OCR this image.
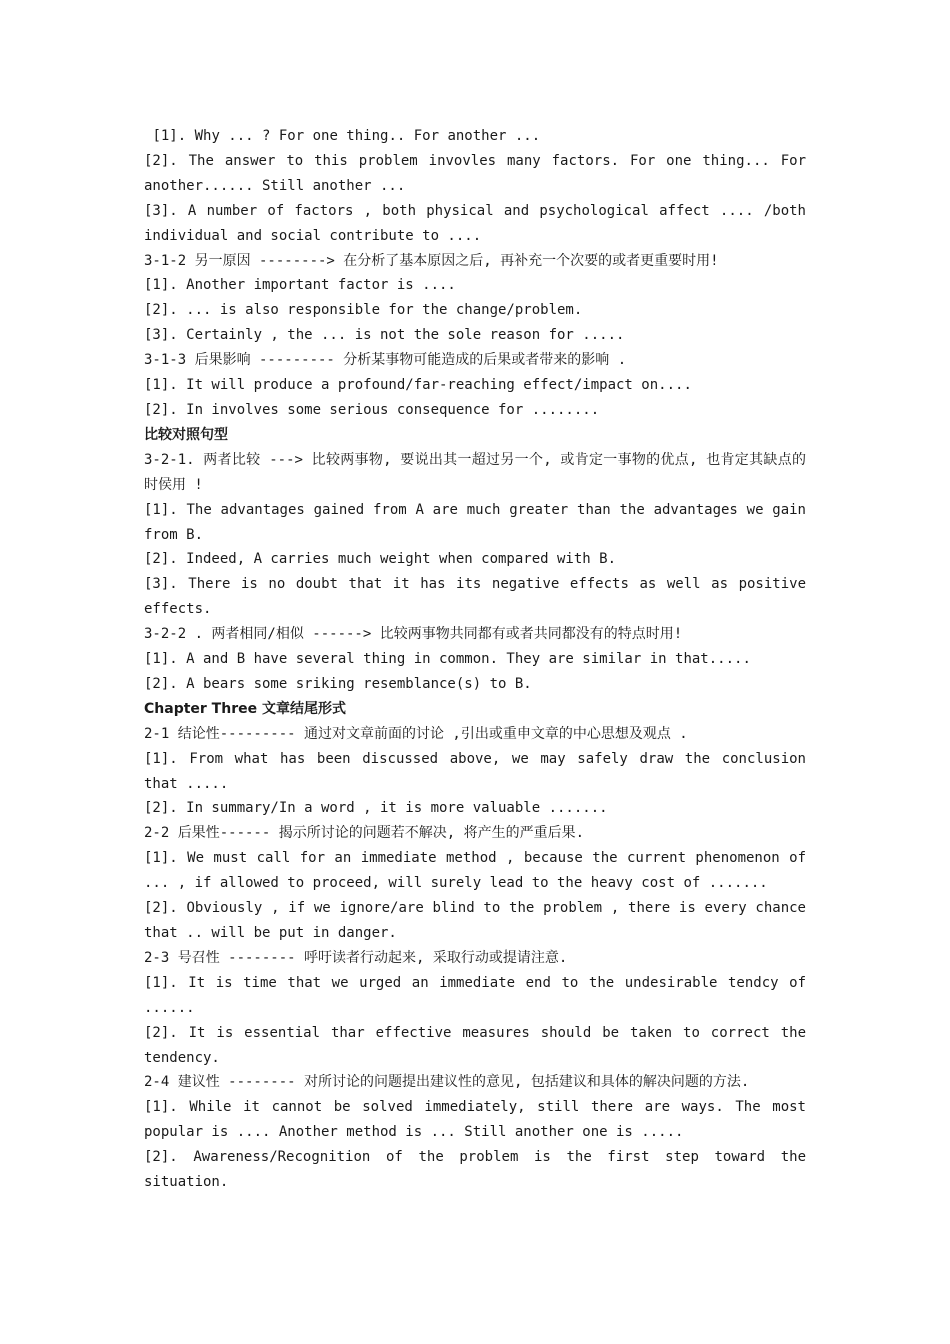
[1]. Why ... ? For one thing.. For another ...

[2]. The answer to this problem invovles many factors. For one thing... For another...... Still another ...

[3]. A number of factors , both physical and psychological affect .... /both individual and social contribute to ....

3-1-2 另一原因 --------> 在分析了基本原因之后, 再补充一个次要的或者更重要时用!

[1]. Another important factor is ....

[2]. ... is also responsible for the change/problem.

[3]. Certainly , the ... is not the sole reason for .....

3-1-3 后果影响 --------- 分析某事物可能造成的后果或者带来的影响 .

[1]. It will produce a profound/far-reaching effect/impact on....

[2]. In involves some serious consequence for ........

比较对照句型

3-2-1. 两者比较 ---> 比较两事物, 要说出其一超过另一个, 或肯定一事物的优点, 也肯定其缺点的时侯用 !

[1]. The advantages gained from A are much greater than the advantages we gain from B.

[2]. Indeed, A carries much weight when compared with B.

[3]. There is no doubt that it has its negative effects as well as positive effects.

3-2-2 . 两者相同/相似 ------> 比较两事物共同都有或者共同都没有的特点时用!

[1]. A and B have several thing in common. They are similar in that.....

[2]. A bears some sriking resemblance(s) to B.

Chapter Three 文章结尾形式

2-1 结论性--------- 通过对文章前面的讨论 ,引出或重申文章的中心思想及观点 .

[1]. From what has been discussed above, we may safely draw the conclusion that .....

[2]. In summary/In a word , it is more valuable .......

2-2 后果性------ 揭示所讨论的问题若不解决, 将产生的严重后果.

[1]. We must call for an immediate method , because the current phenomenon of ... , if allowed to proceed, will surely lead to the heavy cost of .......

[2]. Obviously , if we ignore/are blind to the problem , there is every chance that .. will be put in danger.

2-3 号召性 -------- 呼吁读者行动起来, 采取行动或提请注意.

[1]. It is time that we urged an immediate end to the undesirable tendcy of ......

[2]. It is essential thar effective measures should be taken to correct the tendency.

2-4 建议性 -------- 对所讨论的问题提出建议性的意见, 包括建议和具体的解决问题的方法.

[1]. While it cannot be solved immediately, still there are ways. The most popular is .... Another method is ... Still another one is .....

[2]. Awareness/Recognition of the problem is the first step toward the situation.
